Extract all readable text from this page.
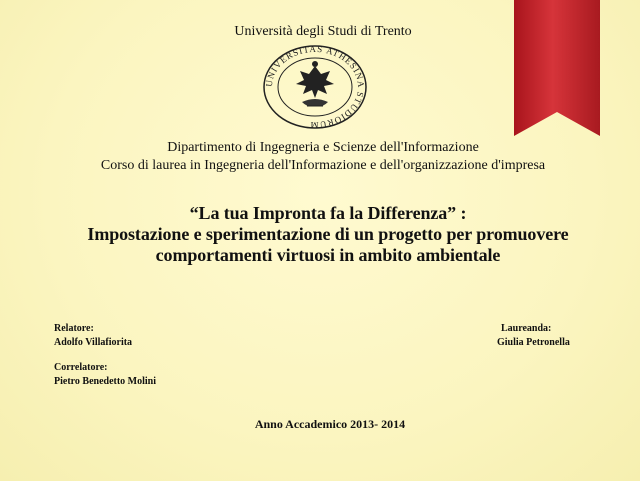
Università degli Studi di Trento
UNIVERSITAS ATHESINA STUDIORUM
Dipartimento di Ingegneria e Scienze dell'Informazione
Corso di laurea in Ingegneria dell'Informazione e dell'organizzazione d'impresa
“La tua Impronta fa la Differenza” :
Impostazione e sperimentazione di un progetto per promuovere
comportamenti virtuosi in ambito ambientale
Relatore:
Adolfo Villafiorita
Correlatore:
Pietro Benedetto Molini
Laureanda:
Giulia Petronella
Anno Accademico 2013- 2014
